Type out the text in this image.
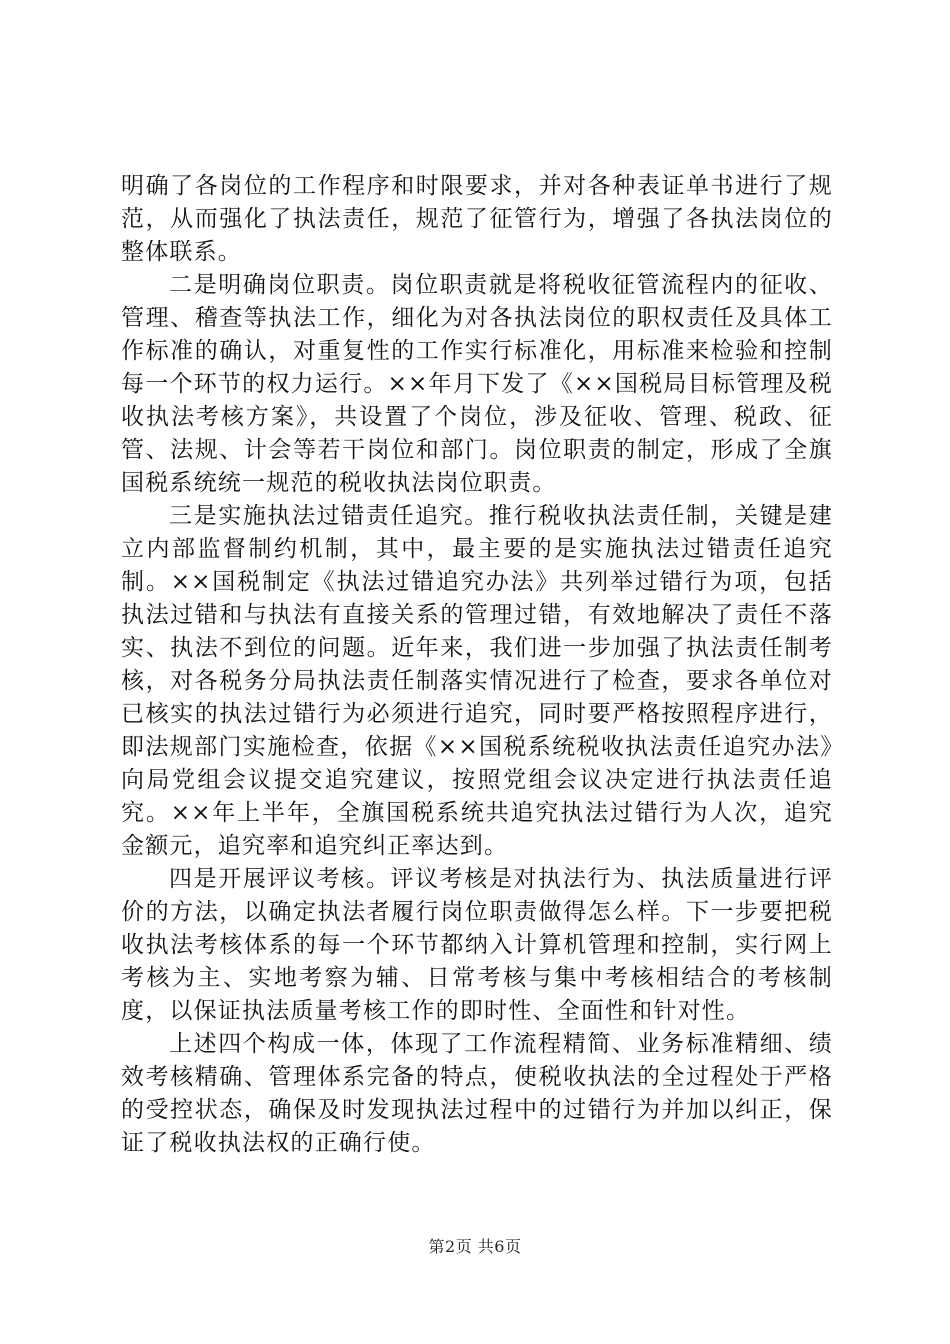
明确了各岗位的工作程序和时限要求，并对各种表证单书进行了规范，从而强化了执法责任，规范了征管行为，增强了各执法岗位的整体联系。

二是明确岗位职责。岗位职责就是将税收征管流程内的征收、管理、稽查等执法工作，细化为对各执法岗位的职权责任及具体工作标准的确认，对重复性的工作实行标准化，用标准来检验和控制每一个环节的权力运行。××年月下发了《××国税局目标管理及税收执法考核方案》，共设置了个岗位，涉及征收、管理、税政、征管、法规、计会等若干岗位和部门。岗位职责的制定，形成了全旗国税系统统一规范的税收执法岗位职责。

三是实施执法过错责任追究。推行税收执法责任制，关键是建立内部监督制约机制，其中，最主要的是实施执法过错责任追究制。××国税制定《执法过错追究办法》共列举过错行为项，包括执法过错和与执法有直接关系的管理过错，有效地解决了责任不落实、执法不到位的问题。近年来，我们进一步加强了执法责任制考核，对各税务分局执法责任制落实情况进行了检查，要求各单位对已核实的执法过错行为必须进行追究，同时要严格按照程序进行，即法规部门实施检查，依据《××国税系统税收执法责任追究办法》向局党组会议提交追究建议，按照党组会议决定进行执法责任追究。××年上半年，全旗国税系统共追究执法过错行为人次，追究金额元，追究率和追究纠正率达到。

四是开展评议考核。评议考核是对执法行为、执法质量进行评价的方法，以确定执法者履行岗位职责做得怎么样。下一步要把税收执法考核体系的每一个环节都纳入计算机管理和控制，实行网上考核为主、实地考察为辅、日常考核与集中考核相结合的考核制度，以保证执法质量考核工作的即时性、全面性和针对性。

上述四个构成一体，体现了工作流程精简、业务标准精细、绩效考核精确、管理体系完备的特点，使税收执法的全过程处于严格的受控状态，确保及时发现执法过程中的过错行为并加以纠正，保证了税收执法权的正确行使。

第2页 共6页
